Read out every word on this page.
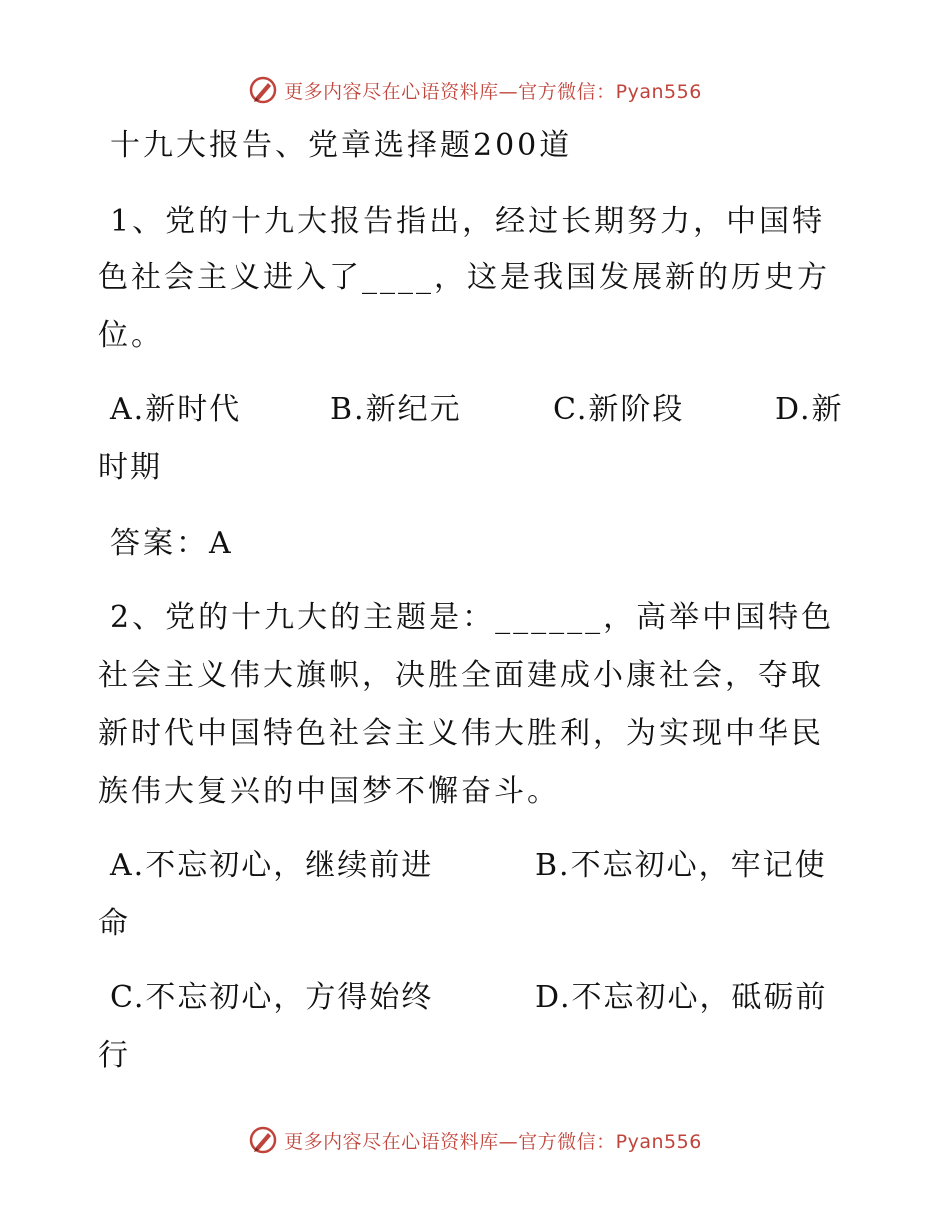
更多内容尽在心语资料库—官方微信：Pyan556
十九大报告、党章选择题200道
1、党的十九大报告指出，经过长期努力，中国特
色社会主义进入了____，这是我国发展新的历史方
位。
A.新时代	B.新纪元	C.新阶段	D.新
时期
答案：A
2、党的十九大的主题是：______，高举中国特色
社会主义伟大旗帜，决胜全面建成小康社会，夺取
新时代中国特色社会主义伟大胜利，为实现中华民
族伟大复兴的中国梦不懈奋斗。
A.不忘初心，继续前进	B.不忘初心，牢记使
命
C.不忘初心，方得始终	D.不忘初心，砥砺前
行
更多内容尽在心语资料库—官方微信：Pyan556
